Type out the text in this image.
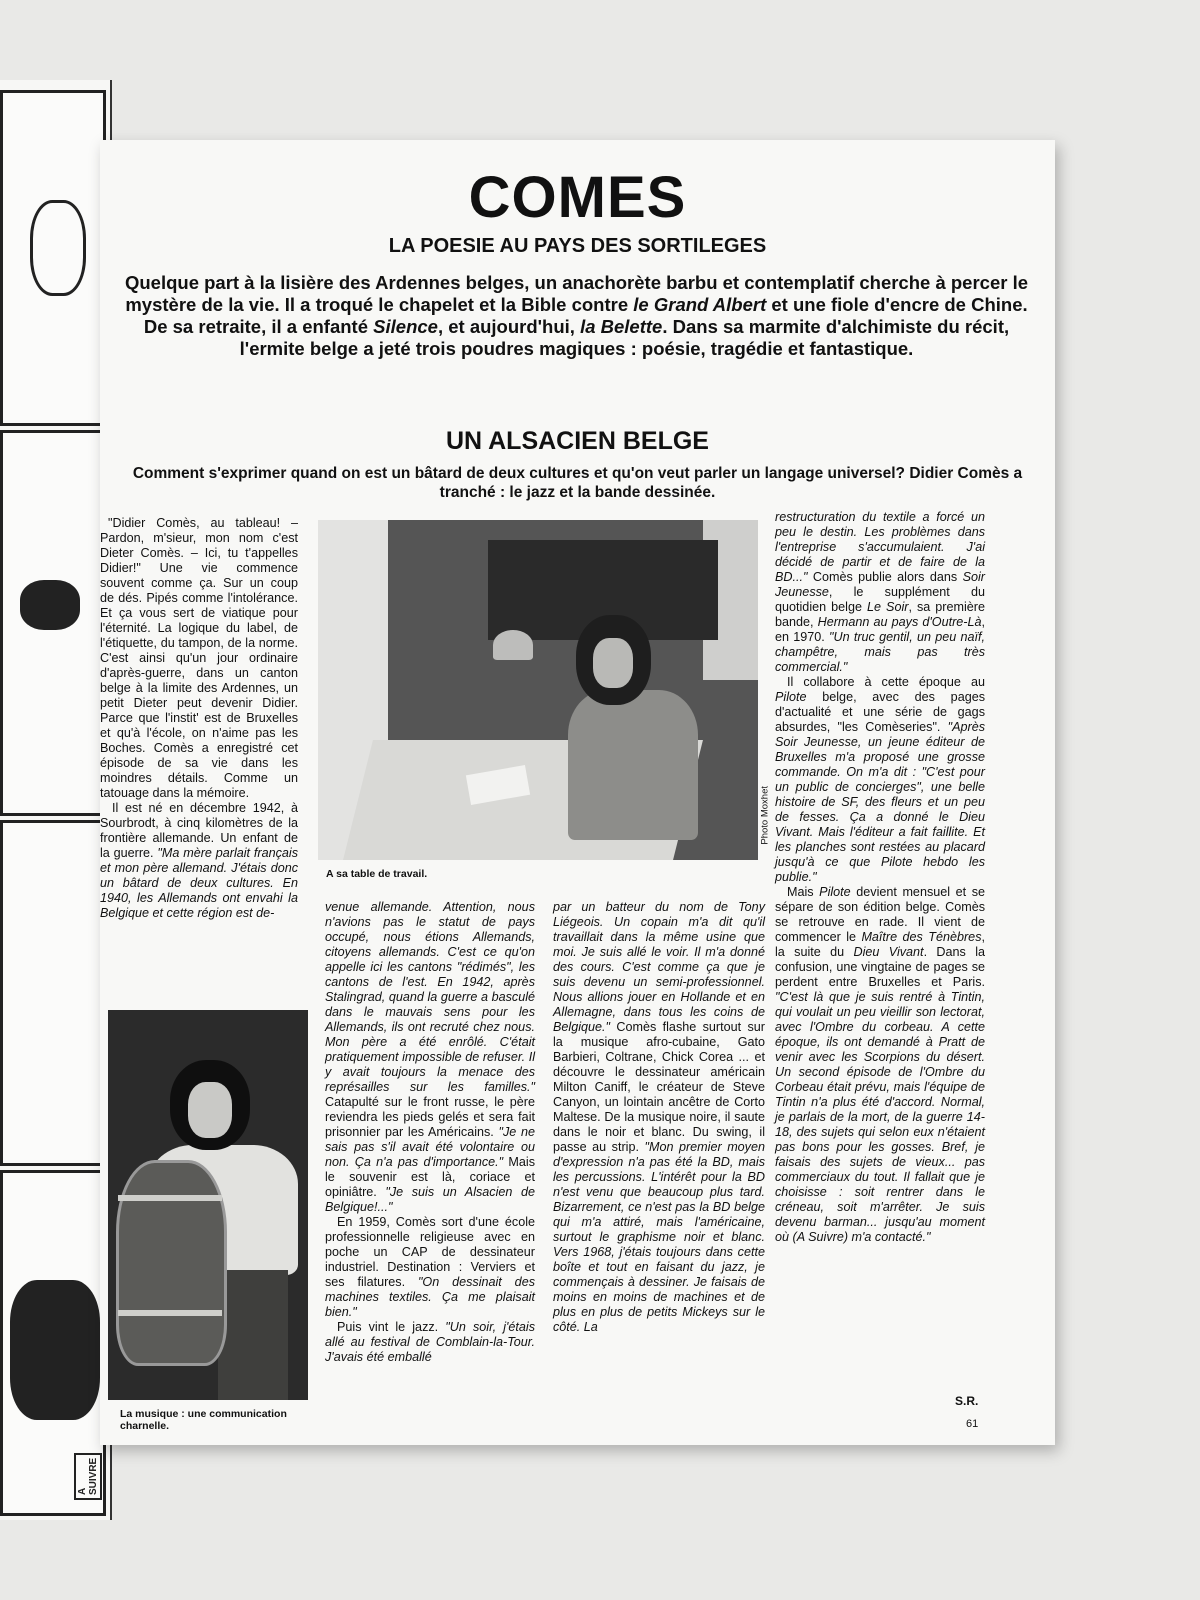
A SUIVRE
COMES
LA POESIE AU PAYS DES SORTILEGES

Quelque part à la lisière des Ardennes belges, un anachorète barbu et contemplatif cherche à percer le mystère de la vie. Il a troqué le chapelet et la Bible contre le Grand Albert et une fiole d'encre de Chine. De sa retraite, il a enfanté Silence, et aujourd'hui, la Belette. Dans sa marmite d'alchimiste du récit, l'ermite belge a jeté trois poudres magiques : poésie, tragédie et fantastique.

UN ALSACIEN BELGE

Comment s'exprimer quand on est un bâtard de deux cultures et qu'on veut parler un langage universel? Didier Comès a tranché : le jazz et la bande dessinée.

"Didier Comès, au tableau! – Pardon, m'sieur, mon nom c'est Dieter Comès. – Ici, tu t'appelles Didier!" Une vie commence souvent comme ça. Sur un coup de dés. Pipés comme l'intolérance. Et ça vous sert de viatique pour l'éternité. La logique du label, de l'étiquette, du tampon, de la norme. C'est ainsi qu'un jour ordinaire d'après-guerre, dans un canton belge à la limite des Ardennes, un petit Dieter peut devenir Didier. Parce que l'instit' est de Bruxelles et qu'à l'école, on n'aime pas les Boches. Comès a enregistré cet épisode de sa vie dans les moindres détails. Comme un tatouage dans la mémoire.

Il est né en décembre 1942, à Sourbrodt, à cinq kilomètres de la frontière allemande. Un enfant de la guerre. "Ma mère parlait français et mon père allemand. J'étais donc un bâtard de deux cultures. En 1940, les Allemands ont envahi la Belgique et cette région est de-

Photo Moxhet

A sa table de travail.

La musique : une communication charnelle.

venue allemande. Attention, nous n'avions pas le statut de pays occupé, nous étions Allemands, citoyens allemands. C'est ce qu'on appelle ici les cantons "rédimés", les cantons de l'est. En 1942, après Stalingrad, quand la guerre a basculé dans le mauvais sens pour les Allemands, ils ont recruté chez nous. Mon père a été enrôlé. C'était pratiquement impossible de refuser. Il y avait toujours la menace des représailles sur les familles." Catapulté sur le front russe, le père reviendra les pieds gelés et sera fait prisonnier par les Américains. "Je ne sais pas s'il avait été volontaire ou non. Ça n'a pas d'importance." Mais le souvenir est là, coriace et opiniâtre. "Je suis un Alsacien de Belgique!..."

En 1959, Comès sort d'une école professionnelle religieuse avec en poche un CAP de dessinateur industriel. Destination : Verviers et ses filatures. "On dessinait des machines textiles. Ça me plaisait bien."

Puis vint le jazz. "Un soir, j'étais allé au festival de Comblain-la-Tour. J'avais été emballé

par un batteur du nom de Tony Liégeois. Un copain m'a dit qu'il travaillait dans la même usine que moi. Je suis allé le voir. Il m'a donné des cours. C'est comme ça que je suis devenu un semi-professionnel. Nous allions jouer en Hollande et en Allemagne, dans tous les coins de Belgique." Comès flashe surtout sur la musique afro-cubaine, Gato Barbieri, Coltrane, Chick Corea ... et découvre le dessinateur américain Milton Caniff, le créateur de Steve Canyon, un lointain ancêtre de Corto Maltese. De la musique noire, il saute dans le noir et blanc. Du swing, il passe au strip. "Mon premier moyen d'expression n'a pas été la BD, mais les percussions. L'intérêt pour la BD n'est venu que beaucoup plus tard. Bizarrement, ce n'est pas la BD belge qui m'a attiré, mais l'américaine, surtout le graphisme noir et blanc. Vers 1968, j'étais toujours dans cette boîte et tout en faisant du jazz, je commençais à dessiner. Je faisais de moins en moins de machines et de plus en plus de petits Mickeys sur le côté. La

restructuration du textile a forcé un peu le destin. Les problèmes dans l'entreprise s'accumulaient. J'ai décidé de partir et de faire de la BD..." Comès publie alors dans Soir Jeunesse, le supplément du quotidien belge Le Soir, sa première bande, Hermann au pays d'Outre-Là, en 1970. "Un truc gentil, un peu naïf, champêtre, mais pas très commercial."

Il collabore à cette époque au Pilote belge, avec des pages d'actualité et une série de gags absurdes, "les Comèseries". "Après Soir Jeunesse, un jeune éditeur de Bruxelles m'a proposé une grosse commande. On m'a dit : "C'est pour un public de concierges", une belle histoire de SF, des fleurs et un peu de fesses. Ça a donné le Dieu Vivant. Mais l'éditeur a fait faillite. Et les planches sont restées au placard jusqu'à ce que Pilote hebdo les publie."

Mais Pilote devient mensuel et se sépare de son édition belge. Comès se retrouve en rade. Il vient de commencer le Maître des Ténèbres, la suite du Dieu Vivant. Dans la confusion, une vingtaine de pages se perdent entre Bruxelles et Paris. "C'est là que je suis rentré à Tintin, qui voulait un peu vieillir son lectorat, avec l'Ombre du corbeau. A cette époque, ils ont demandé à Pratt de venir avec les Scorpions du désert. Un second épisode de l'Ombre du Corbeau était prévu, mais l'équipe de Tintin n'a plus été d'accord. Normal, je parlais de la mort, de la guerre 14-18, des sujets qui selon eux n'étaient pas bons pour les gosses. Bref, je faisais des sujets de vieux... pas commerciaux du tout. Il fallait que je choisisse : soit rentrer dans le créneau, soit m'arrêter. Je suis devenu barman... jusqu'au moment où (A Suivre) m'a contacté."

S.R.
61
